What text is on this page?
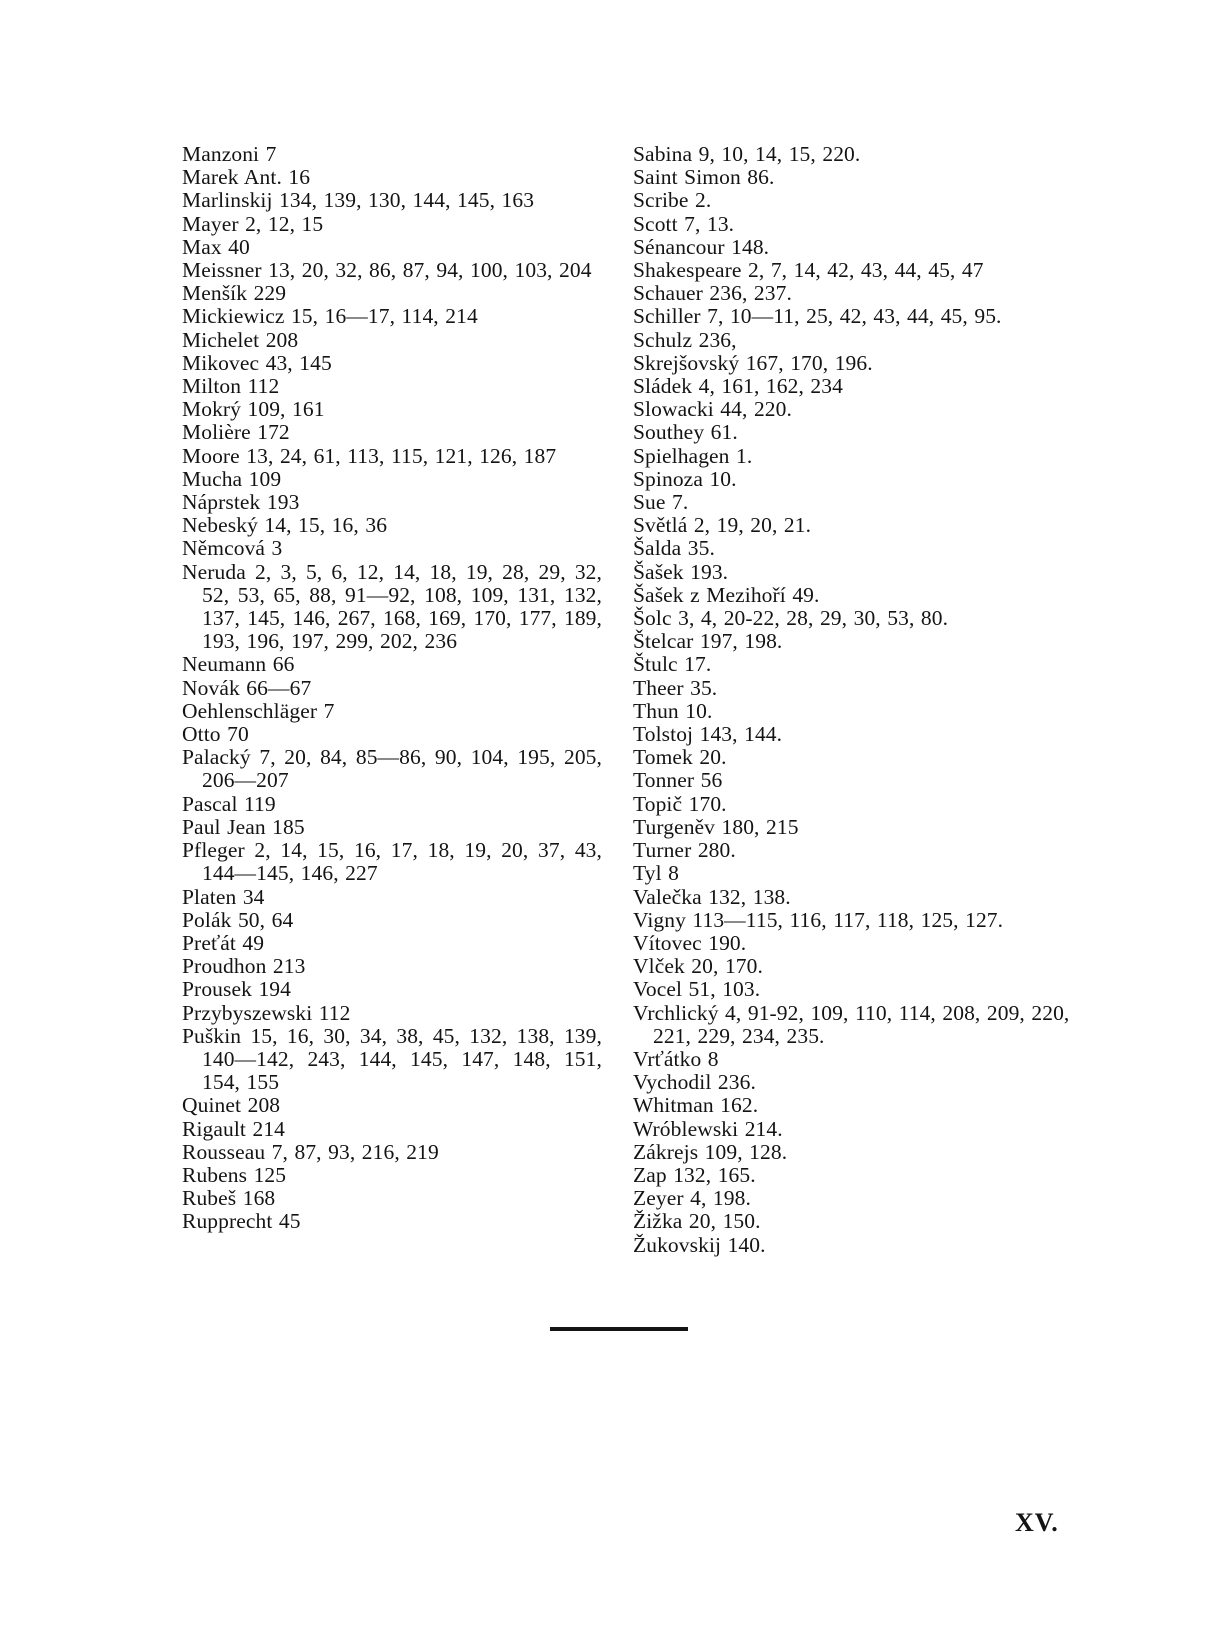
Manzoni 7
Marek Ant. 16
Marlinskij 134, 139, 130, 144, 145, 163
Mayer 2, 12, 15
Max 40
Meissner 13, 20, 32, 86, 87, 94, 100, 103, 204
Menšík 229
Mickiewicz 15, 16—17, 114, 214
Michelet 208
Mikovec 43, 145
Milton 112
Mokrý 109, 161
Molière 172
Moore 13, 24, 61, 113, 115, 121, 126, 187
Mucha 109
Náprstek 193
Nebeský 14, 15, 16, 36
Němcová 3
Neruda 2, 3, 5, 6, 12, 14, 18, 19, 28, 29, 32, 52, 53, 65, 88, 91—92, 108, 109, 131, 132, 137, 145, 146, 267, 168, 169, 170, 177, 189, 193, 196, 197, 299, 202, 236
Neumann 66
Novák 66—67
Oehlenschläger 7
Otto 70
Palacký 7, 20, 84, 85—86, 90, 104, 195, 205, 206—207
Pascal 119
Paul Jean 185
Pfleger 2, 14, 15, 16, 17, 18, 19, 20, 37, 43, 144—145, 146, 227
Platen 34
Polák 50, 64
Preťát 49
Proudhon 213
Prousek 194
Przybyszewski 112
Puškin 15, 16, 30, 34, 38, 45, 132, 138, 139, 140—142, 243, 144, 145, 147, 148, 151, 154, 155
Quinet 208
Rigault 214
Rousseau 7, 87, 93, 216, 219
Rubens 125
Rubeš 168
Rupprecht 45
Sabina 9, 10, 14, 15, 220.
Saint Simon 86.
Scribe 2.
Scott 7, 13.
Sénancour 148.
Shakespeare 2, 7, 14, 42, 43, 44, 45, 47
Schauer 236, 237.
Schiller 7, 10—11, 25, 42, 43, 44, 45, 95.
Schulz 236,
Skrejšovský 167, 170, 196.
Sládek 4, 161, 162, 234
Slowacki 44, 220.
Southey 61.
Spielhagen 1.
Spinoza 10.
Sue 7.
Světlá 2, 19, 20, 21.
Šalda 35.
Šašek 193.
Šašek z Mezihoří 49.
Šolc 3, 4, 20-22, 28, 29, 30, 53, 80.
Štelcar 197, 198.
Štulc 17.
Theer 35.
Thun 10.
Tolstoj 143, 144.
Tomek 20.
Tonner 56
Topič 170.
Turgeněv 180, 215
Turner 280.
Tyl 8
Valečka 132, 138.
Vigny 113—115, 116, 117, 118, 125, 127.
Vítovec 190.
Vlček 20, 170.
Vocel 51, 103.
Vrchlický 4, 91-92, 109, 110, 114, 208, 209, 220, 221, 229, 234, 235.
Vrťátko 8
Vychodil 236.
Whitman 162.
Wróblewski 214.
Zákrejs 109, 128.
Zap 132, 165.
Zeyer 4, 198.
Žižka 20, 150.
Žukovskij 140.
XV.
